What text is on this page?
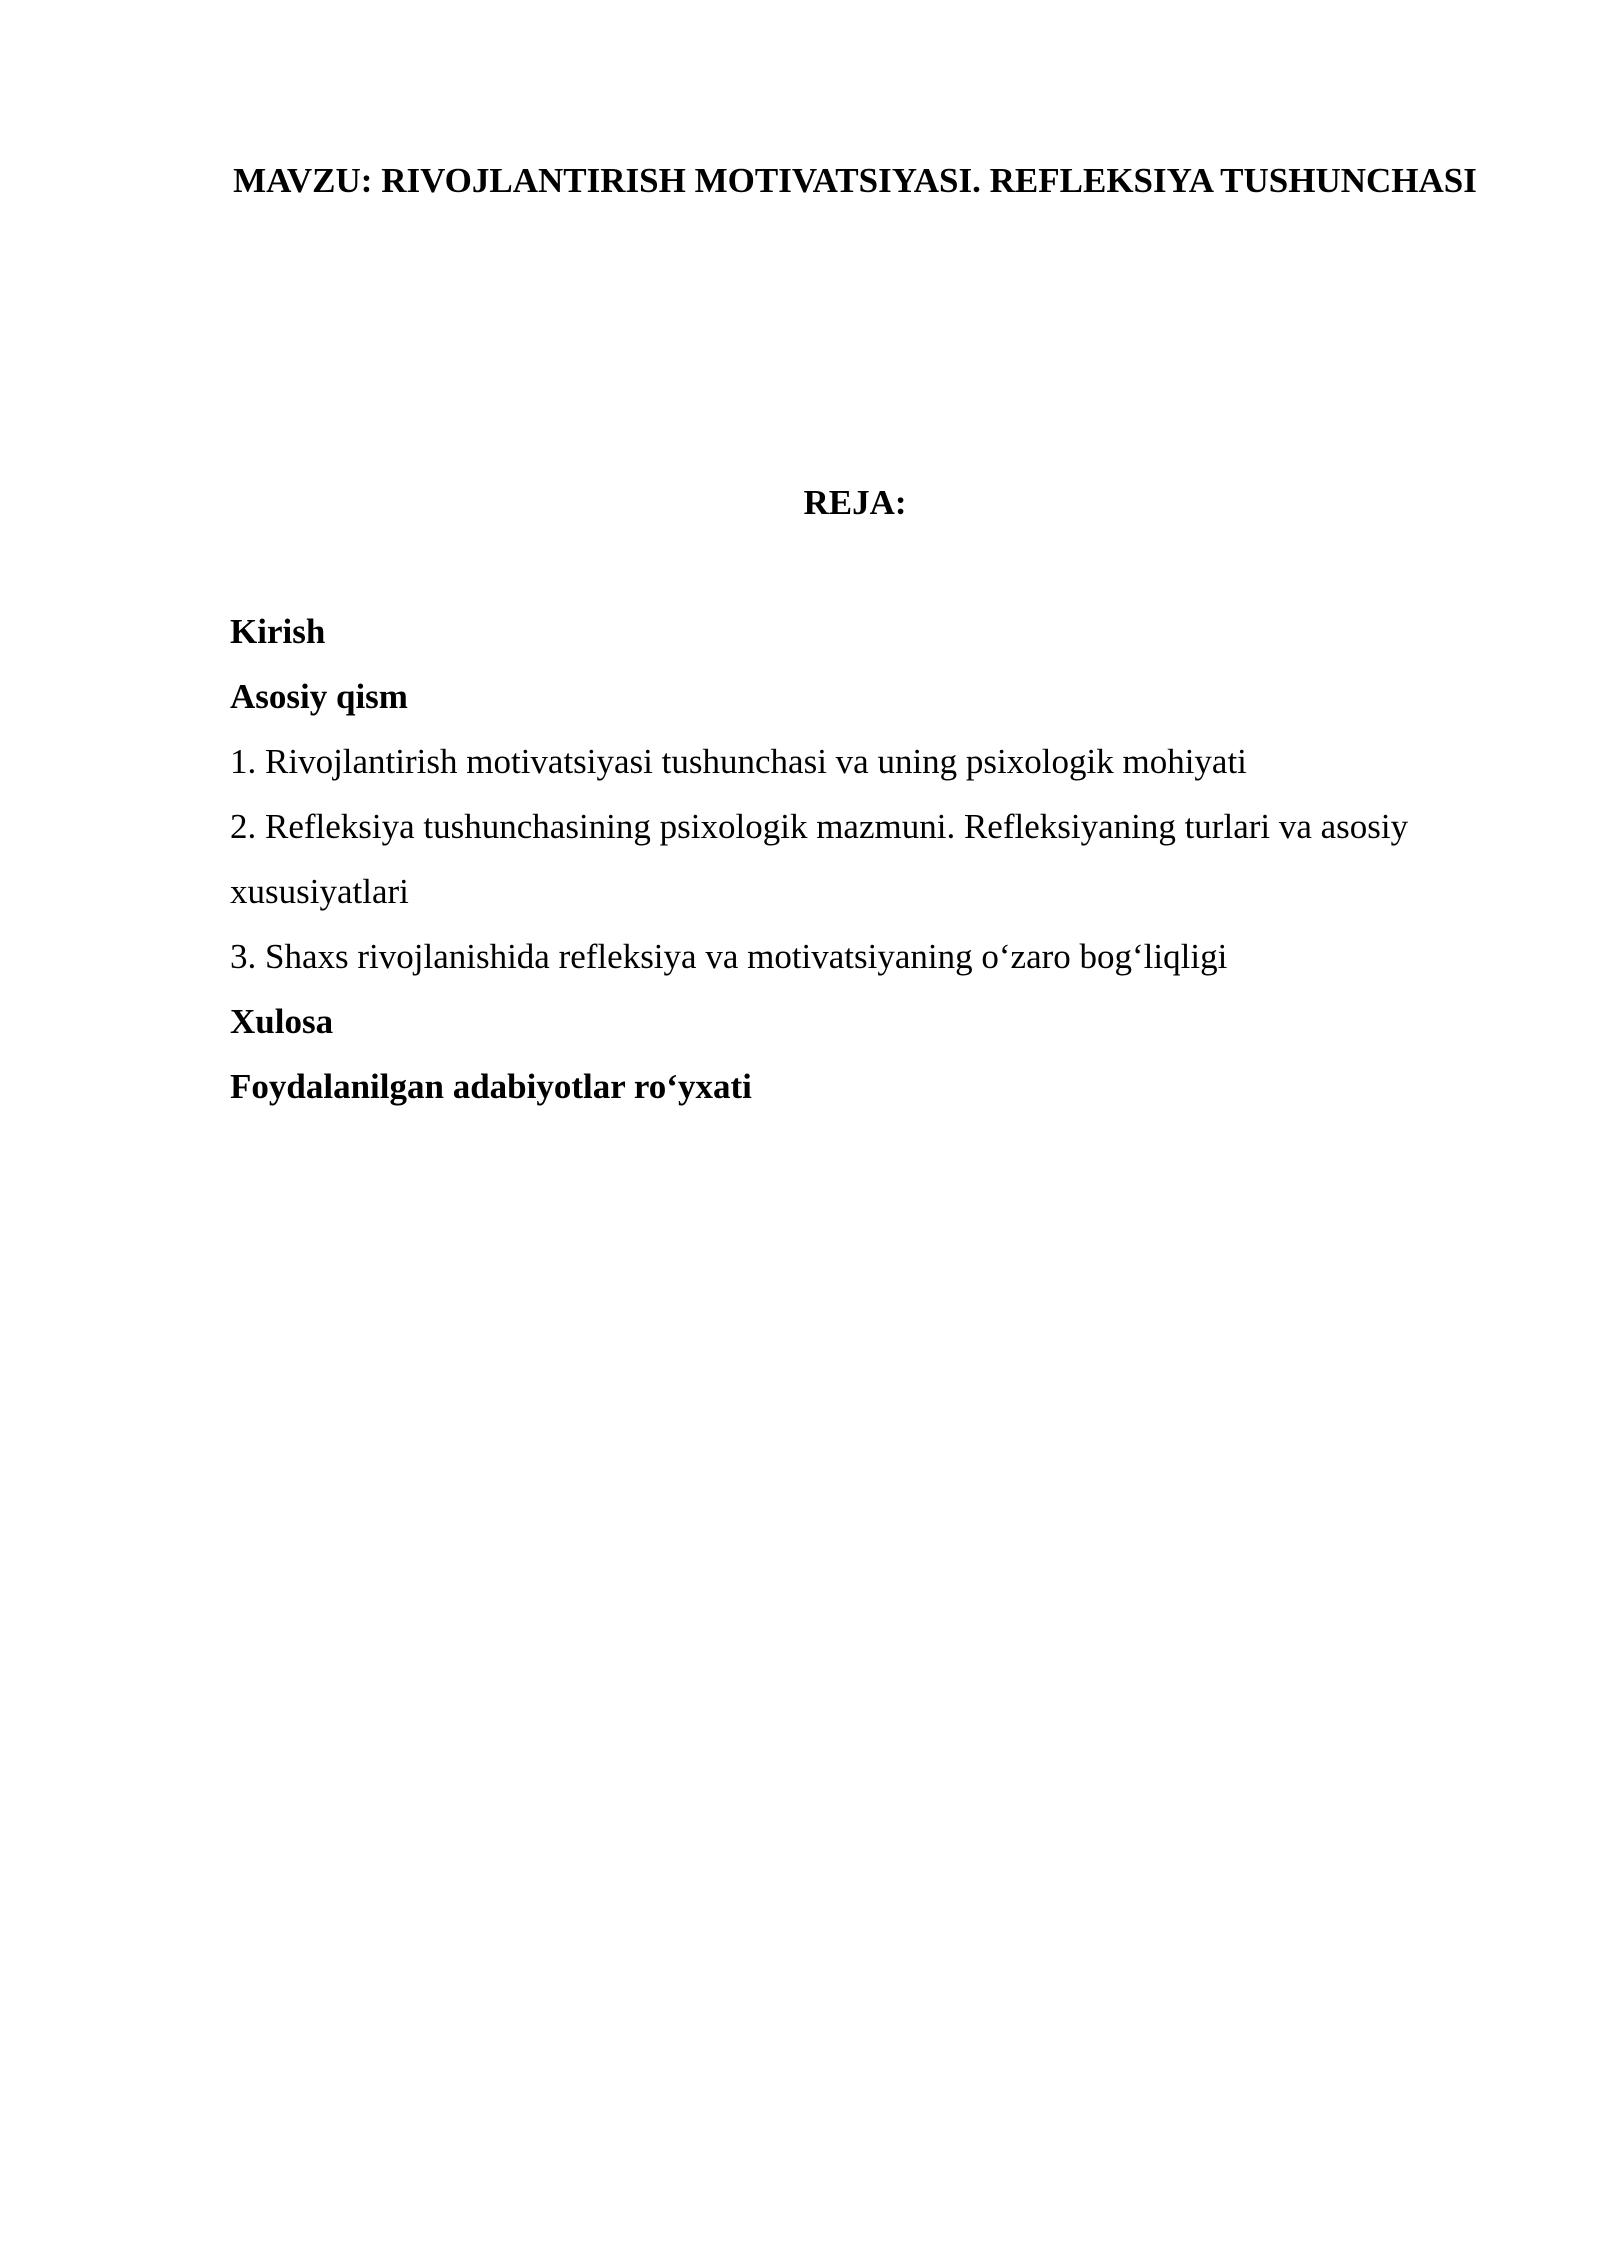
MAVZU: RIVOJLANTIRISH MOTIVATSIYASI. REFLEKSIYA TUSHUNCHASI
REJA:
Kirish
Asosiy qism
1. Rivojlantirish motivatsiyasi tushunchasi va uning psixologik mohiyati
2. Refleksiya tushunchasining psixologik mazmuni. Refleksiyaning turlari va asosiy xususiyatlari
3. Shaxs rivojlanishida refleksiya va motivatsiyaning o‘zaro bog‘liqligi
Xulosa
Foydalanilgan adabiyotlar ro‘yxati
